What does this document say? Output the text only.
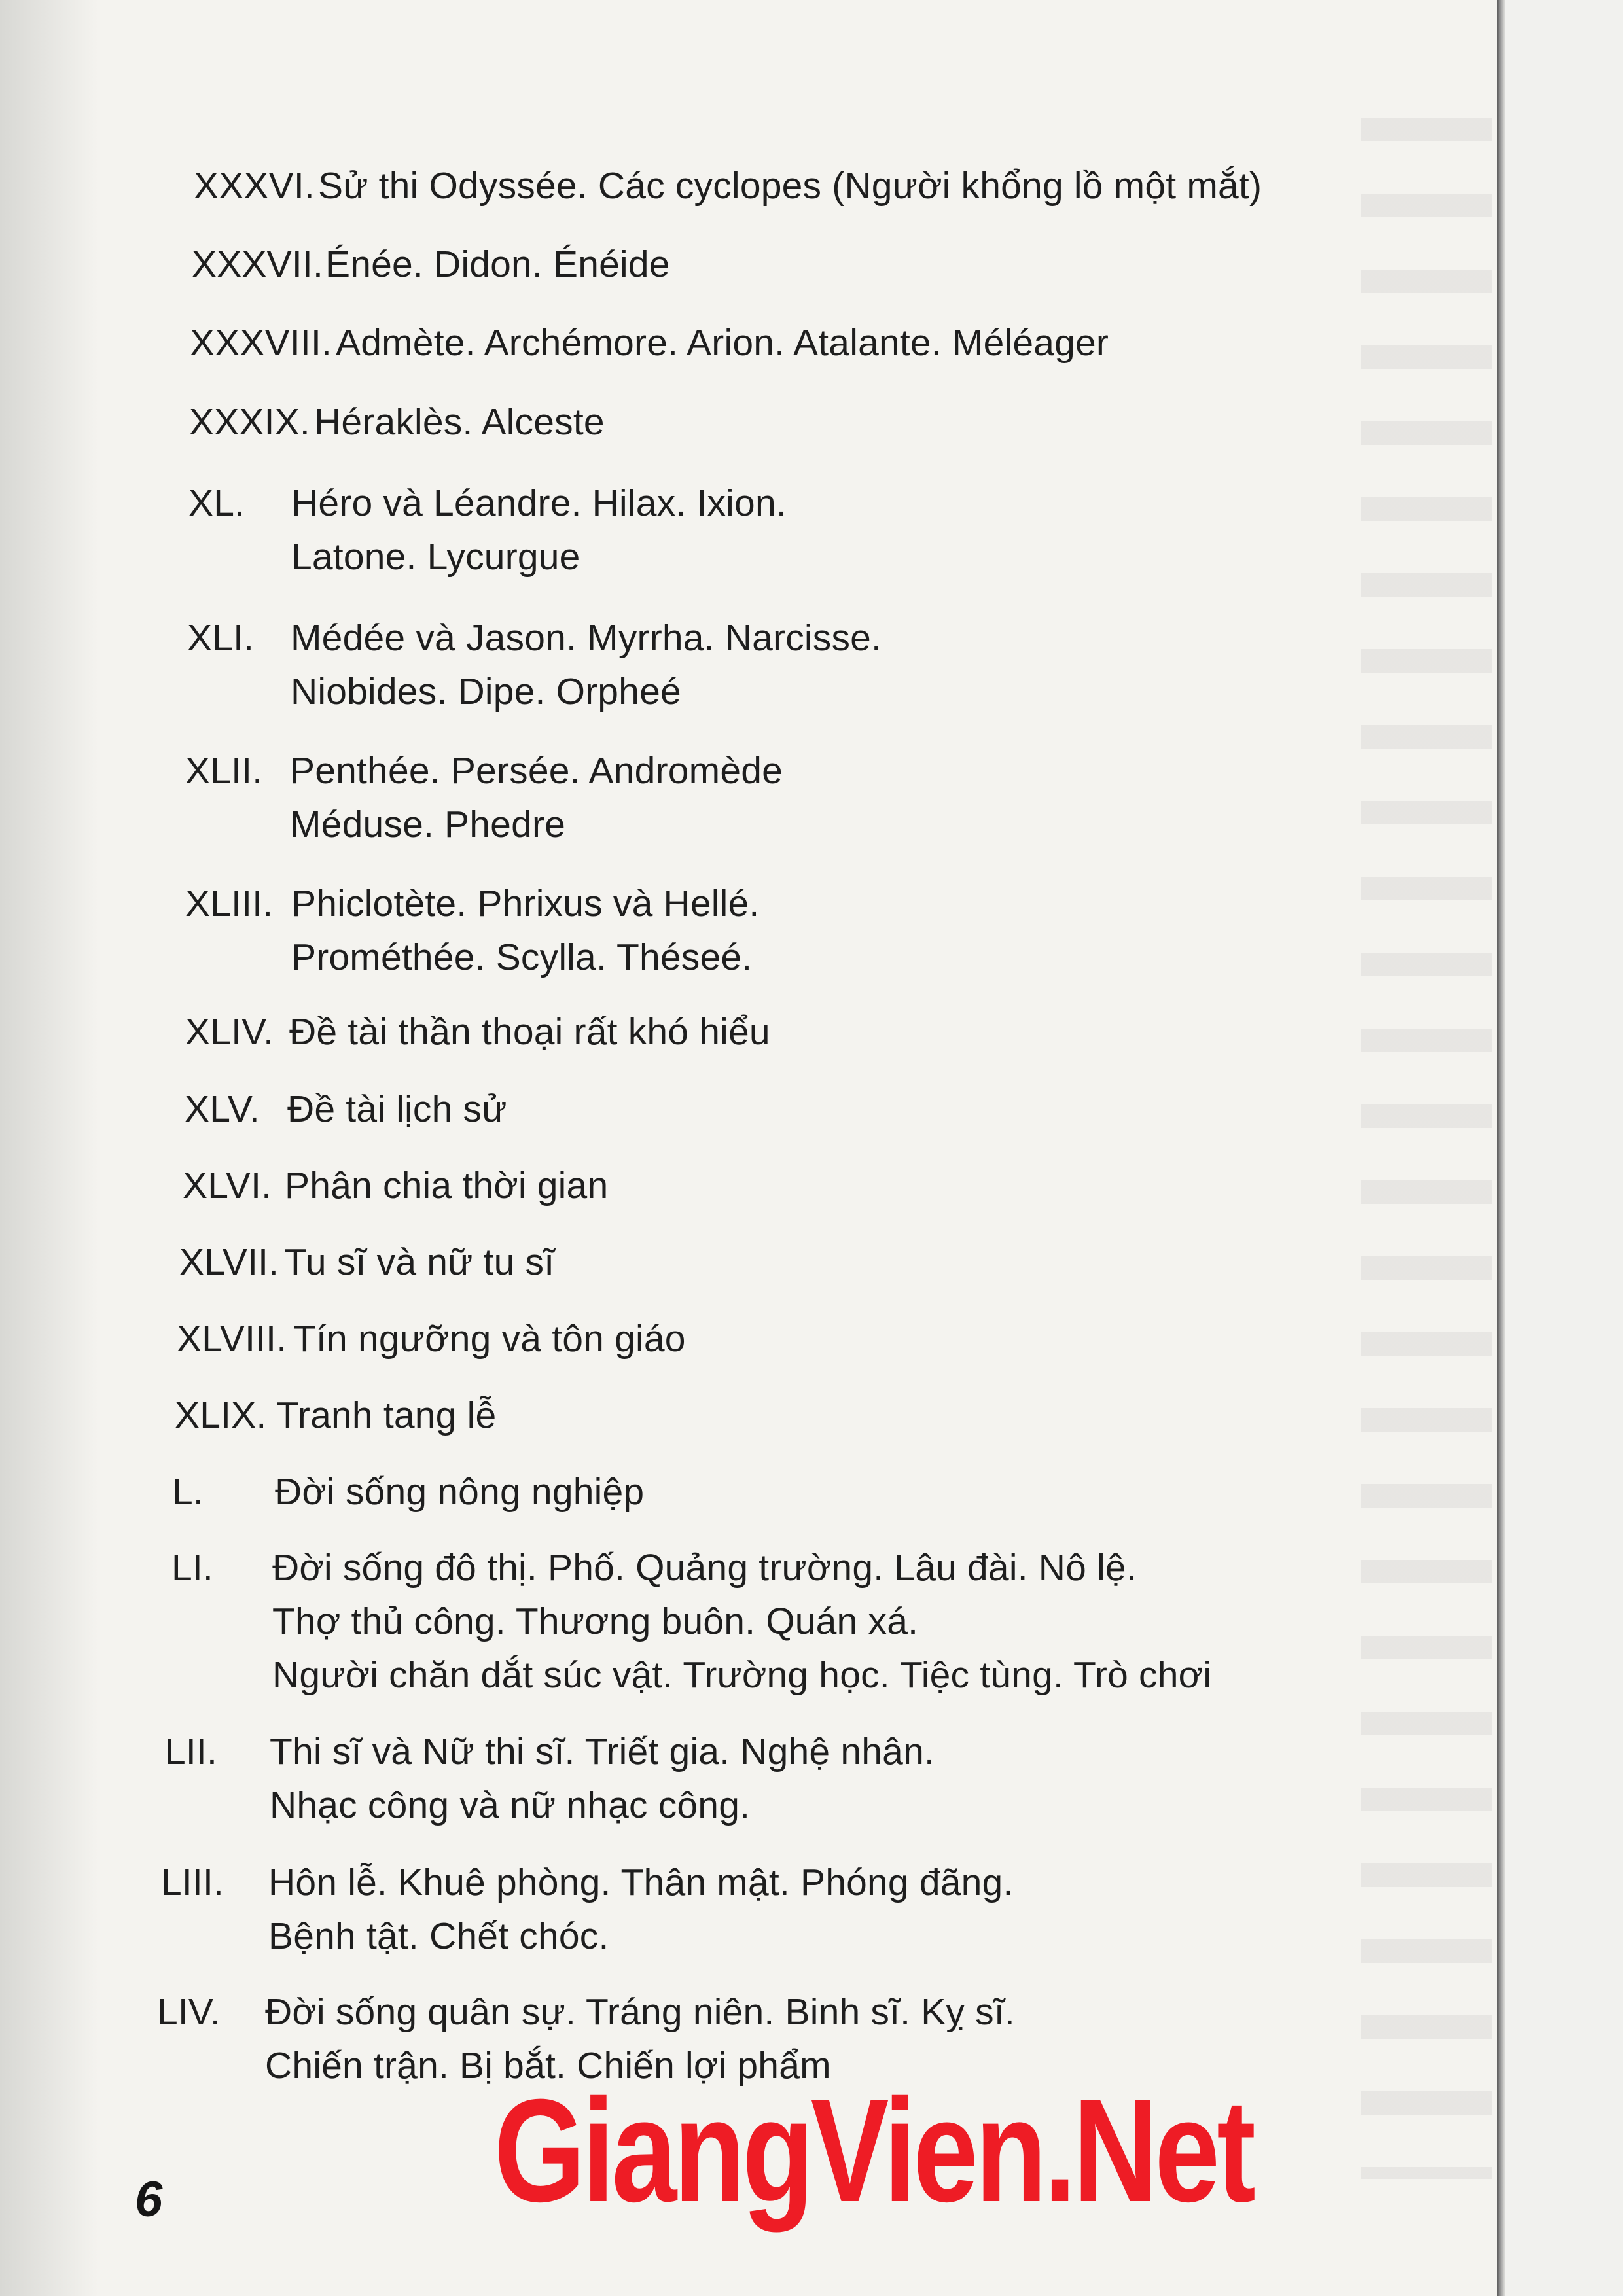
XXXVI. Sử thi Odyssée. Các cyclopes (Người khổng lồ một mắt)
XXXVII. Énée. Didon. Énéide
XXXVIII. Admète. Archémore. Arion. Atalante. Méléager
XXXIX. Héraklès. Alceste
XL. Héro và Léandre. Hilax. Ixion.
Latone. Lycurgue
XLI. Médée và Jason. Myrrha. Narcisse.
Niobides. Dipe. Orpheé
XLII. Penthée. Persée. Andromède
Méduse. Phedre
XLIII. Phiclotète. Phrixus và Hellé.
Prométhée. Scylla. Théseé.
XLIV. Đề tài thần thoại rất khó hiểu
XLV. Đề tài lịch sử
XLVI. Phân chia thời gian
XLVII. Tu sĩ và nữ tu sĩ
XLVIII. Tín ngưỡng và tôn giáo
XLIX. Tranh tang lễ
L. Đời sống nông nghiệp
LI. Đời sống đô thị. Phố. Quảng trường. Lâu đài. Nô lệ.
Thợ thủ công. Thương buôn. Quán xá.
Người chăn dắt súc vật. Trường học. Tiệc tùng. Trò chơi
LII. Thi sĩ và Nữ thi sĩ. Triết gia. Nghệ nhân.
Nhạc công và nữ nhạc công.
LIII. Hôn lễ. Khuê phòng. Thân mật. Phóng đãng.
Bệnh tật. Chết chóc.
LIV. Đời sống quân sự. Tráng niên. Binh sĩ. Kỵ sĩ.
Chiến trận. Bị bắt. Chiến lợi phẩm
GiangVien.Net
6
